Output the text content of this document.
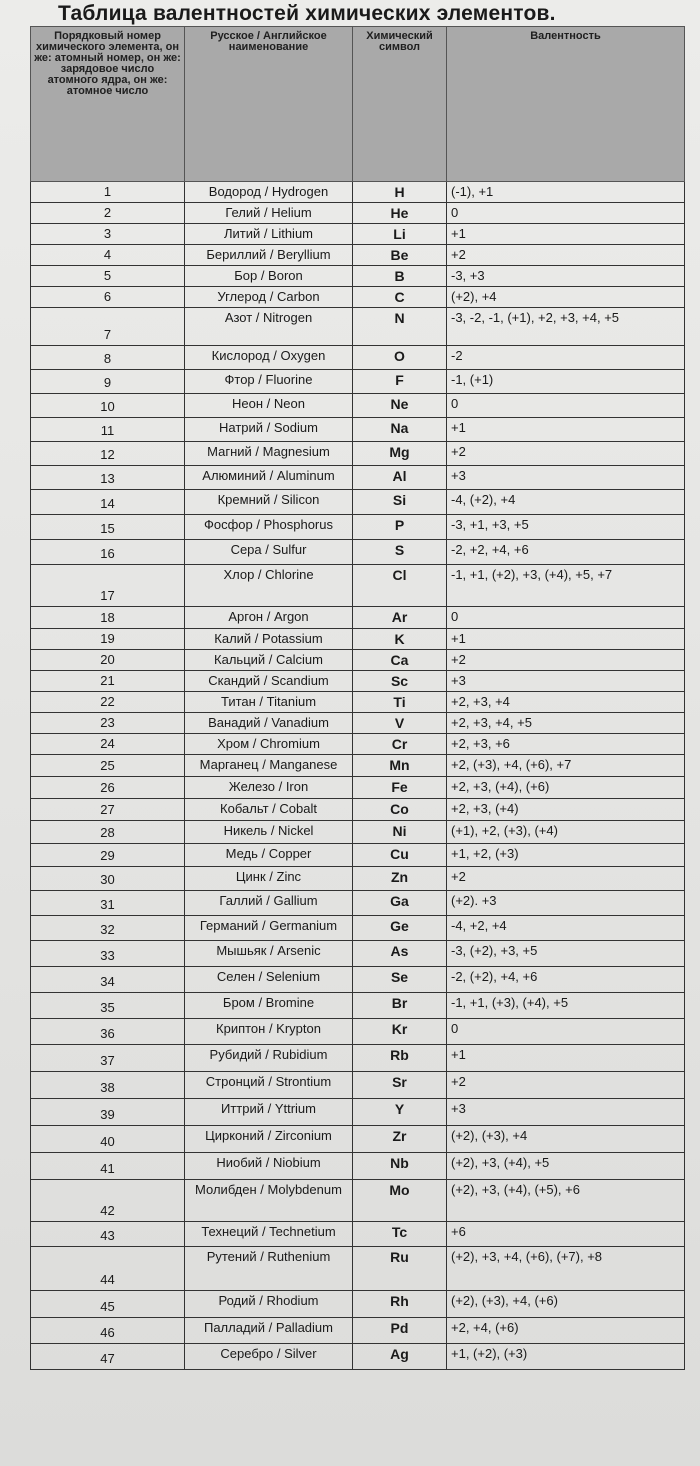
Таблица валентностей химических элементов.
Порядковый номер химического элемента, он же: атомный номер, он же: зарядовое число атомного ядра, он же: атомное число	Русское / Английское наименование	Химический символ	Валентность
1	Водород / Hydrogen	H	(-1), +1
2	Гелий / Helium	He	0
3	Литий / Lithium	Li	+1
4	Бериллий / Beryllium	Be	+2
5	Бор / Boron	B	-3, +3
6	Углерод / Carbon	C	(+2), +4
7	Азот / Nitrogen	N	-3, -2, -1, (+1), +2, +3, +4, +5
8	Кислород / Oxygen	O	-2
9	Фтор / Fluorine	F	-1, (+1)
10	Неон / Neon	Ne	0
11	Натрий / Sodium	Na	+1
12	Магний / Magnesium	Mg	+2
13	Алюминий / Aluminum	Al	+3
14	Кремний / Silicon	Si	-4, (+2), +4
15	Фосфор / Phosphorus	P	-3, +1, +3, +5
16	Сера / Sulfur	S	-2, +2, +4, +6
17	Хлор / Chlorine	Cl	-1, +1, (+2), +3, (+4), +5, +7
18	Аргон / Argon	Ar	0
19	Калий / Potassium	K	+1
20	Кальций / Calcium	Ca	+2
21	Скандий / Scandium	Sc	+3
22	Титан / Titanium	Ti	+2, +3, +4
23	Ванадий / Vanadium	V	+2, +3, +4, +5
24	Хром / Chromium	Cr	+2, +3, +6
25	Марганец / Manganese	Mn	+2, (+3), +4, (+6), +7
26	Железо / Iron	Fe	+2, +3, (+4), (+6)
27	Кобальт / Cobalt	Co	+2, +3, (+4)
28	Никель / Nickel	Ni	(+1), +2, (+3), (+4)
29	Медь / Copper	Cu	+1, +2, (+3)
30	Цинк / Zinc	Zn	+2
31	Галлий / Gallium	Ga	(+2). +3
32	Германий / Germanium	Ge	-4, +2, +4
33	Мышьяк / Arsenic	As	-3, (+2), +3, +5
34	Селен / Selenium	Se	-2, (+2), +4, +6
35	Бром / Bromine	Br	-1, +1, (+3), (+4), +5
36	Криптон / Krypton	Kr	0
37	Рубидий / Rubidium	Rb	+1
38	Стронций / Strontium	Sr	+2
39	Иттрий / Yttrium	Y	+3
40	Цирконий / Zirconium	Zr	(+2), (+3), +4
41	Ниобий / Niobium	Nb	(+2), +3, (+4), +5
42	Молибден / Molybdenum	Mo	(+2), +3, (+4), (+5), +6
43	Технеций / Technetium	Tc	+6
44	Рутений / Ruthenium	Ru	(+2), +3, +4, (+6), (+7), +8
45	Родий / Rhodium	Rh	(+2), (+3), +4, (+6)
46	Палладий / Palladium	Pd	+2, +4, (+6)
47	Серебро / Silver	Ag	+1, (+2), (+3)
